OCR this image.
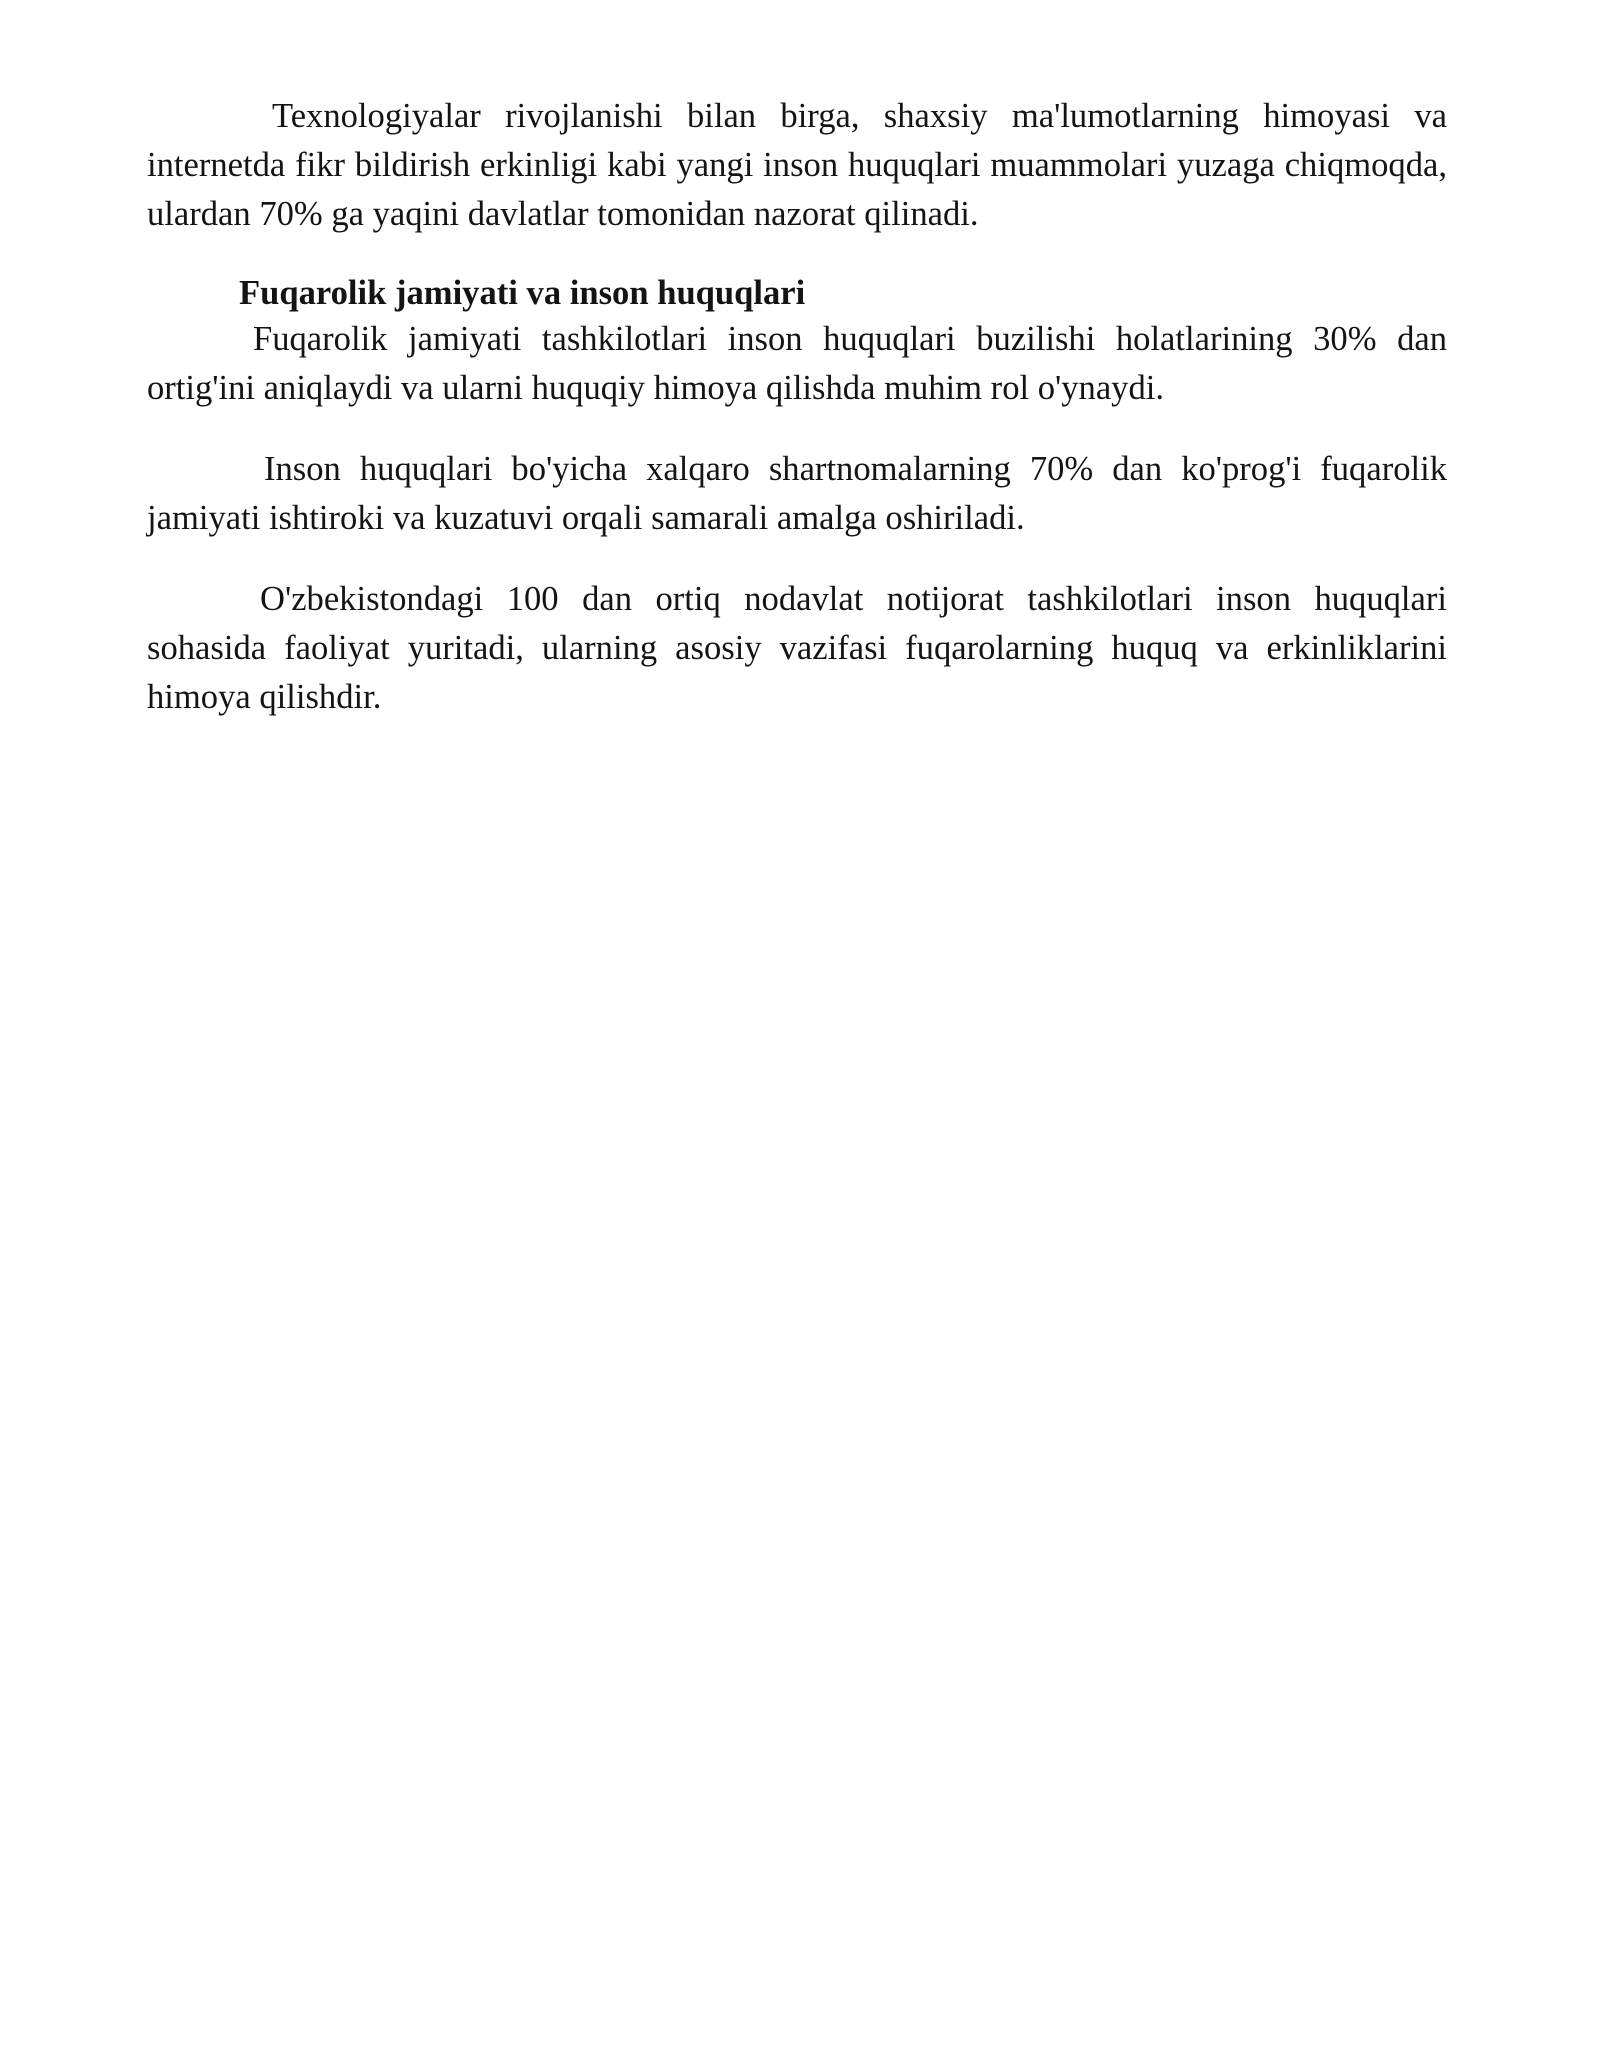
Texnologiyalar rivojlanishi bilan birga, shaxsiy ma'lumotlarning himoyasi va internetda fikr bildirish erkinligi kabi yangi inson huquqlari muammolari yuzaga chiqmoqda, ulardan 70% ga yaqini davlatlar tomonidan nazorat qilinadi.

Fuqarolik jamiyati va inson huquqlari

Fuqarolik jamiyati tashkilotlari inson huquqlari buzilishi holatlarining 30% dan ortig'ini aniqlaydi va ularni huquqiy himoya qilishda muhim rol o'ynaydi.

Inson huquqlari bo'yicha xalqaro shartnomalarning 70% dan ko'prog'i fuqarolik jamiyati ishtiroki va kuzatuvi orqali samarali amalga oshiriladi.

O'zbekistondagi 100 dan ortiq nodavlat notijorat tashkilotlari inson huquqlari sohasida faoliyat yuritadi, ularning asosiy vazifasi fuqarolarning huquq va erkinliklarini himoya qilishdir.
